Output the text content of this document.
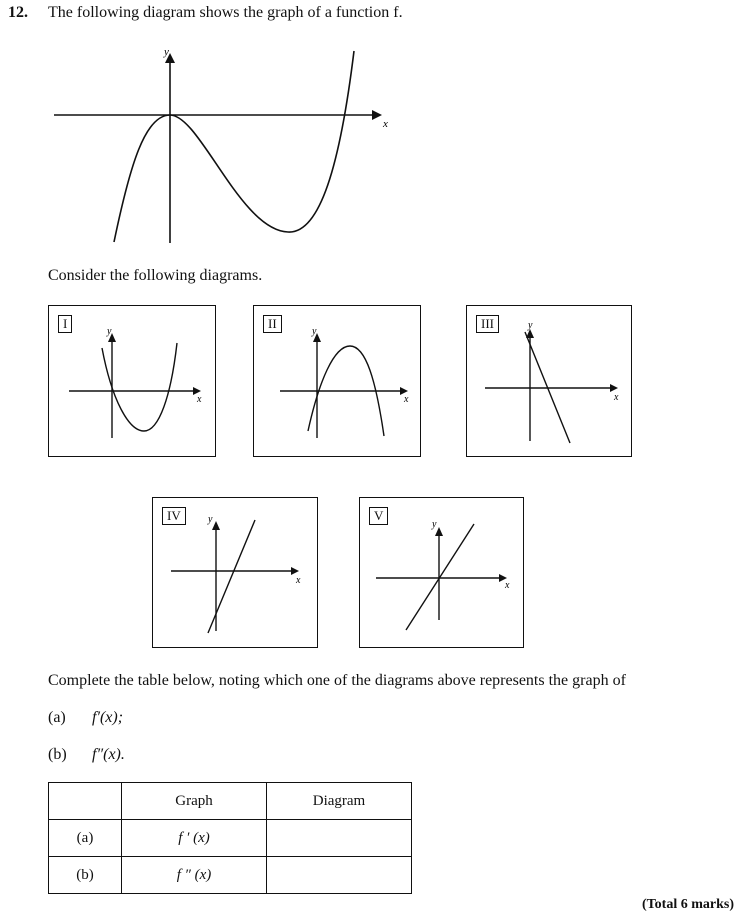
12. The following diagram shows the graph of a function f.
y
x
Consider the following diagrams.
y
x
I
y
x
II	y
x
III
y
x
IV
y
x
V
Complete the table below, noting which one of the diagrams above represents the graph of
(a) f′(x);
(b) f″(x).
	Graph	Diagram
(a)	f ′ (x)	
(b)	f ″ (x)	
(Total 6 marks)
